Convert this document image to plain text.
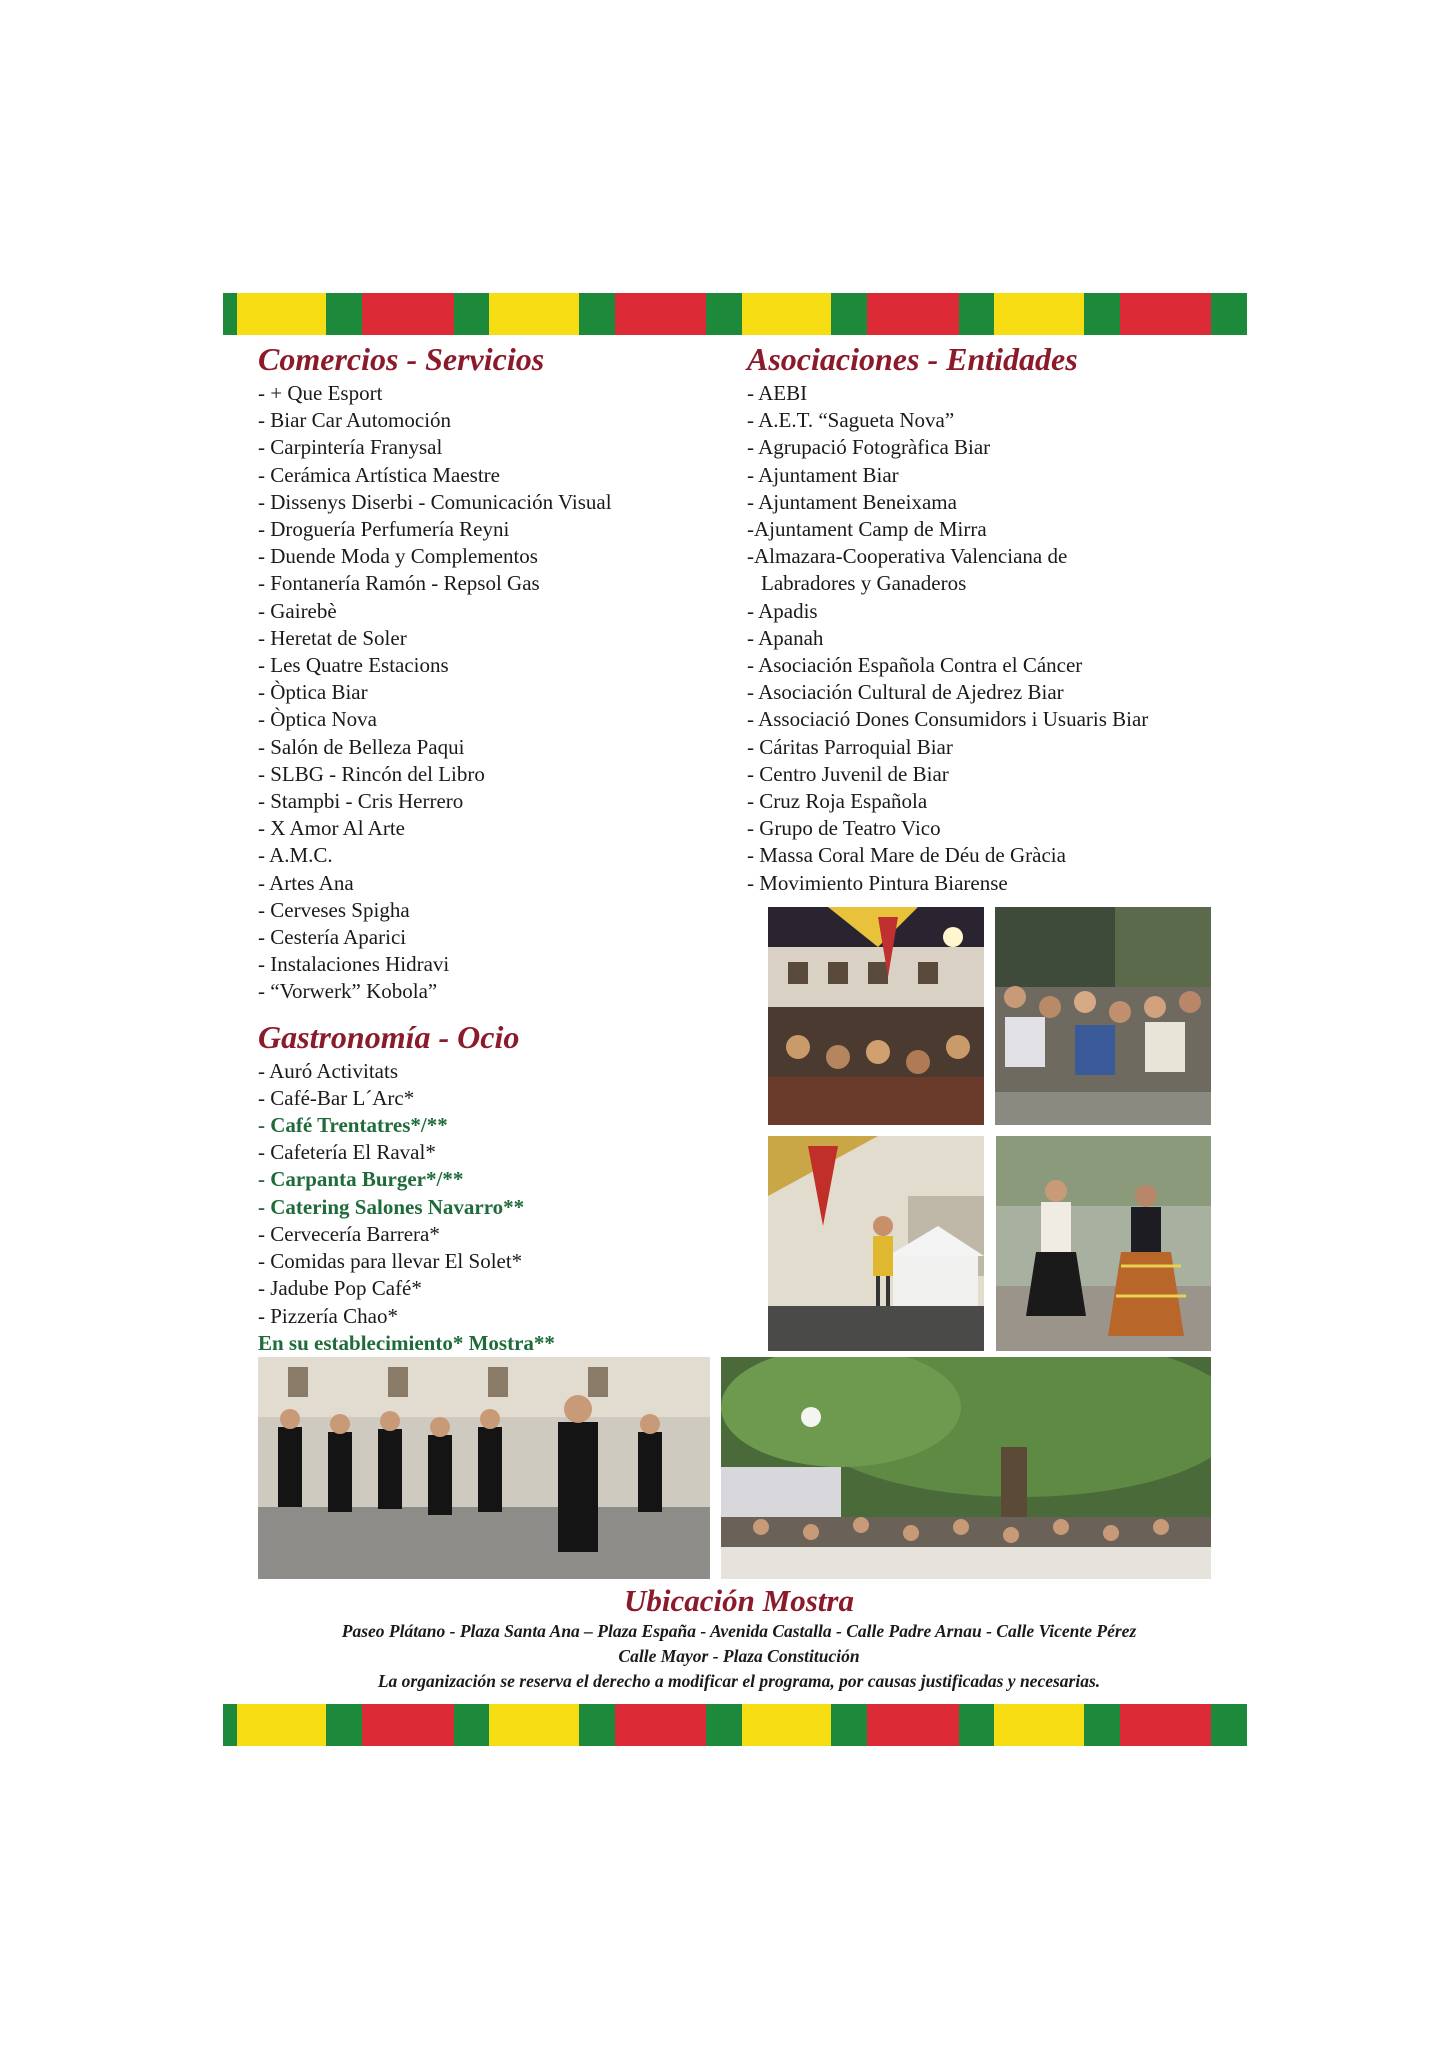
Comercios - Servicios
- + Que Esport
- Biar Car Automoción
- Carpintería Franysal
- Cerámica Artística Maestre
- Dissenys Diserbi - Comunicación Visual
- Droguería Perfumería Reyni
- Duende Moda y Complementos
- Fontanería Ramón - Repsol Gas
- Gairebè
- Heretat de Soler
- Les Quatre Estacions
- Òptica Biar
- Òptica Nova
- Salón de Belleza Paqui
- SLBG - Rincón del Libro
- Stampbi - Cris Herrero
- X Amor Al Arte
- A.M.C.
- Artes Ana
- Cerveses Spigha
- Cestería Aparici
- Instalaciones Hidravi
- “Vorwerk” Kobola”
Gastronomía - Ocio
- Auró Activitats
- Café-Bar L´Arc*
- Café Trentatres*/**
- Cafetería El Raval*
- Carpanta Burger*/**
- Catering Salones Navarro**
- Cervecería Barrera*
- Comidas para llevar El Solet*
- Jadube Pop Café*
- Pizzería Chao*
En su establecimiento* Mostra**
Asociaciones - Entidades
- AEBI
- A.E.T. “Sagueta Nova”
- Agrupació Fotogràfica Biar
- Ajuntament Biar
- Ajuntament Beneixama
-Ajuntament Camp de Mirra
-Almazara-Cooperativa Valenciana de
Labradores y Ganaderos
- Apadis
- Apanah
- Asociación Española Contra el Cáncer
- Asociación Cultural de Ajedrez Biar
- Associació Dones Consumidors i Usuaris Biar
- Cáritas Parroquial Biar
- Centro Juvenil de Biar
- Cruz Roja Española
- Grupo de Teatro Vico
- Massa Coral Mare de Déu de Gràcia
- Movimiento Pintura Biarense
Ubicación Mostra
Paseo Plátano - Plaza Santa Ana – Plaza España - Avenida Castalla - Calle Padre Arnau - Calle Vicente Pérez
Calle Mayor - Plaza Constitución
La organización se reserva el derecho a modificar el programa, por causas justificadas y necesarias.
